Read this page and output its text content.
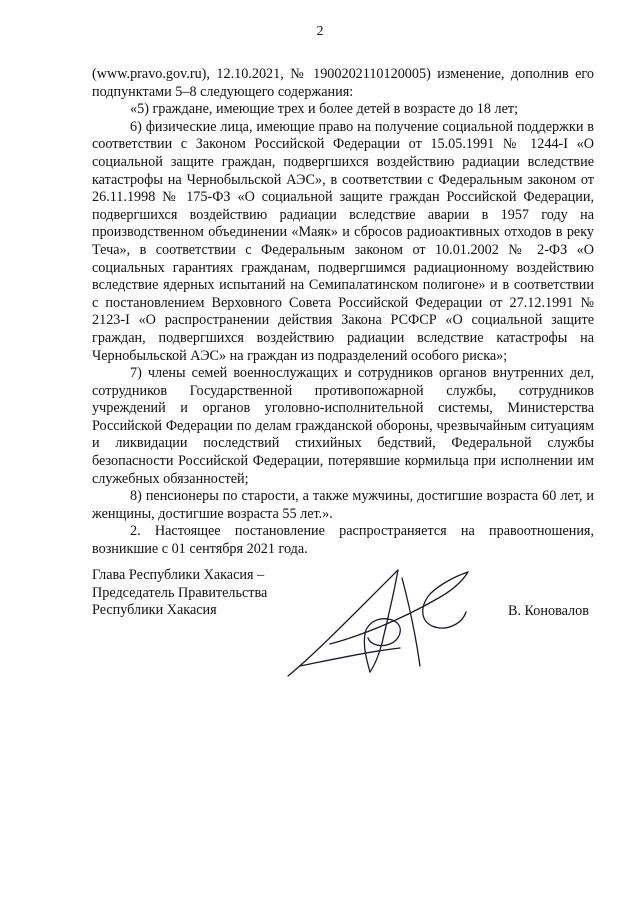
2

(www.pravo.gov.ru), 12.10.2021, № 1900202110120005) изменение, дополнив его подпунктами 5–8 следующего содержания:

«5) граждане, имеющие трех и более детей в возрасте до 18 лет;

6) физические лица, имеющие право на получение социальной поддержки в соответствии с Законом Российской Федерации от 15.05.1991 № 1244-I «О социальной защите граждан, подвергшихся воздействию радиации вследствие катастрофы на Чернобыльской АЭС», в соответствии с Федеральным законом от 26.11.1998 № 175-ФЗ «О социальной защите граждан Российской Федерации, подвергшихся воздействию радиации вследствие аварии в 1957 году на производственном объединении «Маяк» и сбросов радиоактивных отходов в реку Теча», в соответствии с Федеральным законом от 10.01.2002 № 2-ФЗ «О социальных гарантиях гражданам, подвергшимся радиационному воздействию вследствие ядерных испытаний на Семипалатинском полигоне» и в соответствии с постановлением Верховного Совета Российской Федерации от 27.12.1991 № 2123-I «О распространении действия Закона РСФСР «О социальной защите граждан, подвергшихся воздействию радиации вследствие катастрофы на Чернобыльской АЭС» на граждан из подразделений особого риска»;

7) члены семей военнослужащих и сотрудников органов внутренних дел, сотрудников Государственной противопожарной службы, сотрудников учреждений и органов уголовно-исполнительной системы, Министерства Российской Федерации по делам гражданской обороны, чрезвычайным ситуациям и ликвидации последствий стихийных бедствий, Федеральной службы безопасности Российской Федерации, потерявшие кормильца при исполнении им служебных обязанностей;

8) пенсионеры по старости, а также мужчины, достигшие возраста 60 лет, и женщины, достигшие возраста 55 лет.».

2. Настоящее постановление распространяется на правоотношения, возникшие с 01 сентября 2021 года.

Глава Республики Хакасия –
Председатель Правительства
Республики Хакасия	В. Коновалов
